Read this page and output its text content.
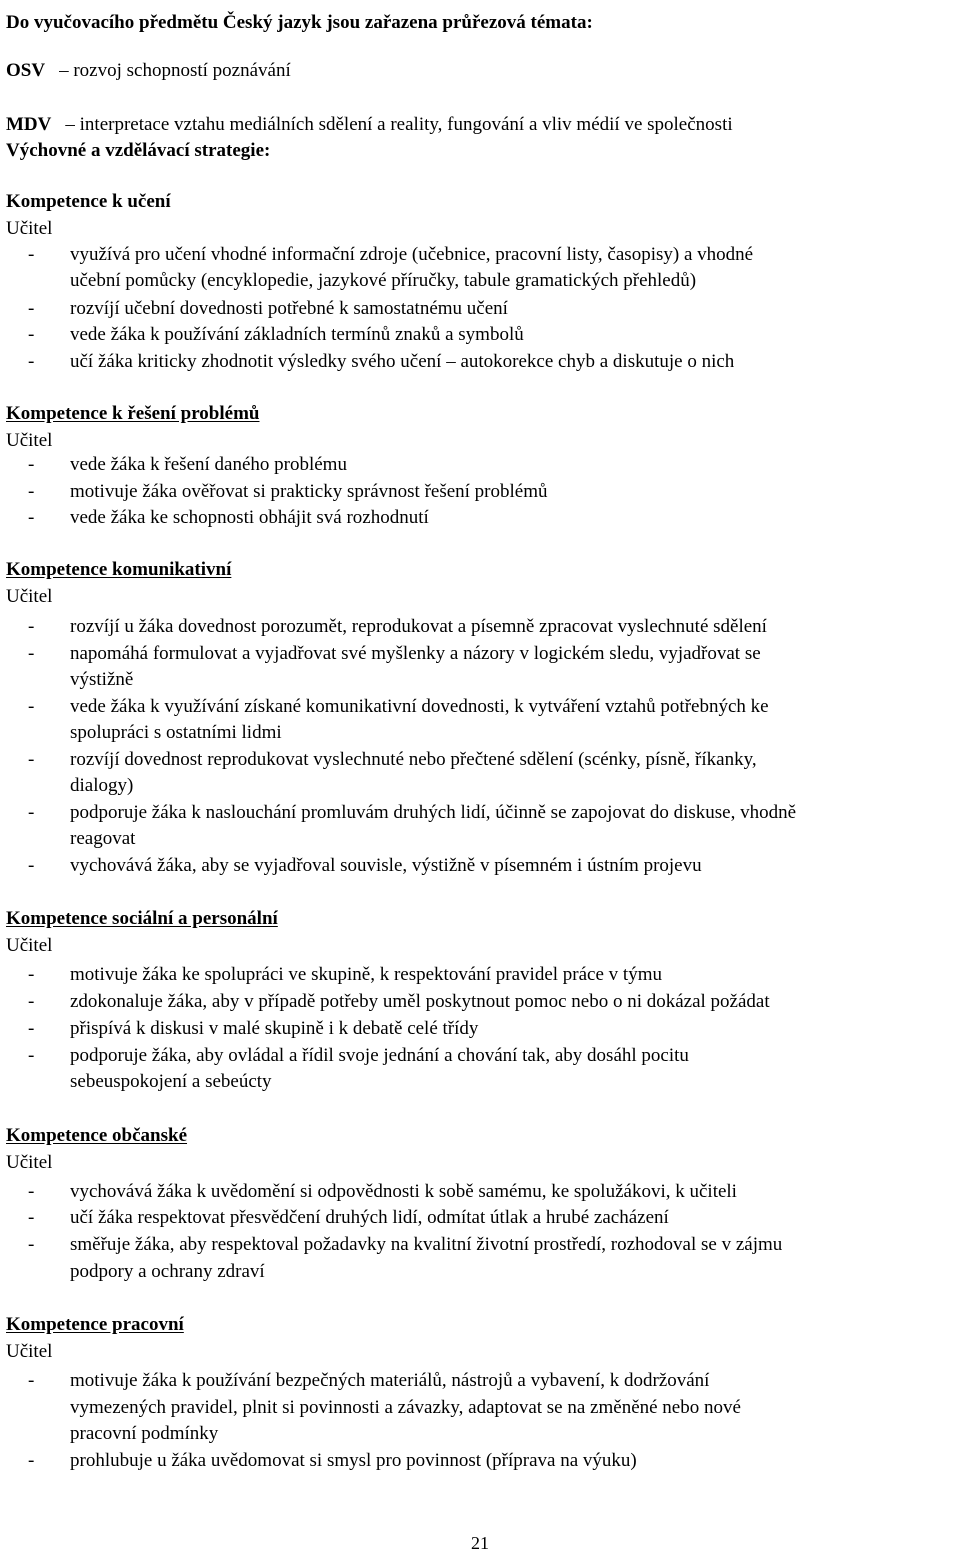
Do vyučovacího předmětu Český jazyk jsou zařazena průřezová témata:
OSV – rozvoj schopností poznávání
MDV – interpretace vztahu mediálních sdělení a reality, fungování a vliv médií ve společnosti
Výchovné a vzdělávací strategie:
Kompetence k učení
Učitel
- využívá pro učení vhodné informační zdroje (učebnice, pracovní listy, časopisy) a vhodné
učební pomůcky (encyklopedie, jazykové příručky, tabule gramatických přehledů)
- rozvíjí učební dovednosti potřebné k samostatnému učení
- vede žáka k používání základních termínů znaků a symbolů
- učí žáka kriticky zhodnotit výsledky svého učení – autokorekce chyb a diskutuje o nich
Kompetence k řešení problémů
Učitel
- vede žáka k řešení daného problému
- motivuje žáka ověřovat si prakticky správnost řešení problémů
- vede žáka ke schopnosti obhájit svá rozhodnutí
Kompetence komunikativní
Učitel
- rozvíjí u žáka dovednost porozumět, reprodukovat a písemně zpracovat vyslechnuté sdělení
- napomáhá formulovat a vyjadřovat své myšlenky a názory v logickém sledu, vyjadřovat se
výstižně
- vede žáka k využívání získané komunikativní dovednosti, k vytváření vztahů potřebných ke
spolupráci s ostatními lidmi
- rozvíjí dovednost reprodukovat vyslechnuté nebo přečtené sdělení (scénky, písně, říkanky,
dialogy)
- podporuje žáka k naslouchání promluvám druhých lidí, účinně se zapojovat do diskuse, vhodně
reagovat
- vychovává žáka, aby se vyjadřoval souvisle, výstižně v písemném i ústním projevu
Kompetence sociální a personální
Učitel
- motivuje žáka ke spolupráci ve skupině, k respektování pravidel práce v týmu
- zdokonaluje žáka, aby v případě potřeby uměl poskytnout pomoc nebo o ni dokázal požádat
- přispívá k diskusi v malé skupině i k debatě celé třídy
- podporuje žáka, aby ovládal a řídil svoje jednání a chování tak, aby dosáhl pocitu
sebeuspokojení a sebeúcty
Kompetence občanské
Učitel
- vychovává žáka k uvědomění si odpovědnosti k sobě samému, ke spolužákovi, k učiteli
- učí žáka respektovat přesvědčení druhých lidí, odmítat útlak a hrubé zacházení
- směřuje žáka, aby respektoval požadavky na kvalitní životní prostředí, rozhodoval se v zájmu
podpory a ochrany zdraví
Kompetence pracovní
Učitel
- motivuje žáka k používání bezpečných materiálů, nástrojů a vybavení, k dodržování
vymezených pravidel, plnit si povinnosti a závazky, adaptovat se na změněné nebo nové
pracovní podmínky
- prohlubuje u žáka uvědomovat si smysl pro povinnost (příprava na výuku)
21
